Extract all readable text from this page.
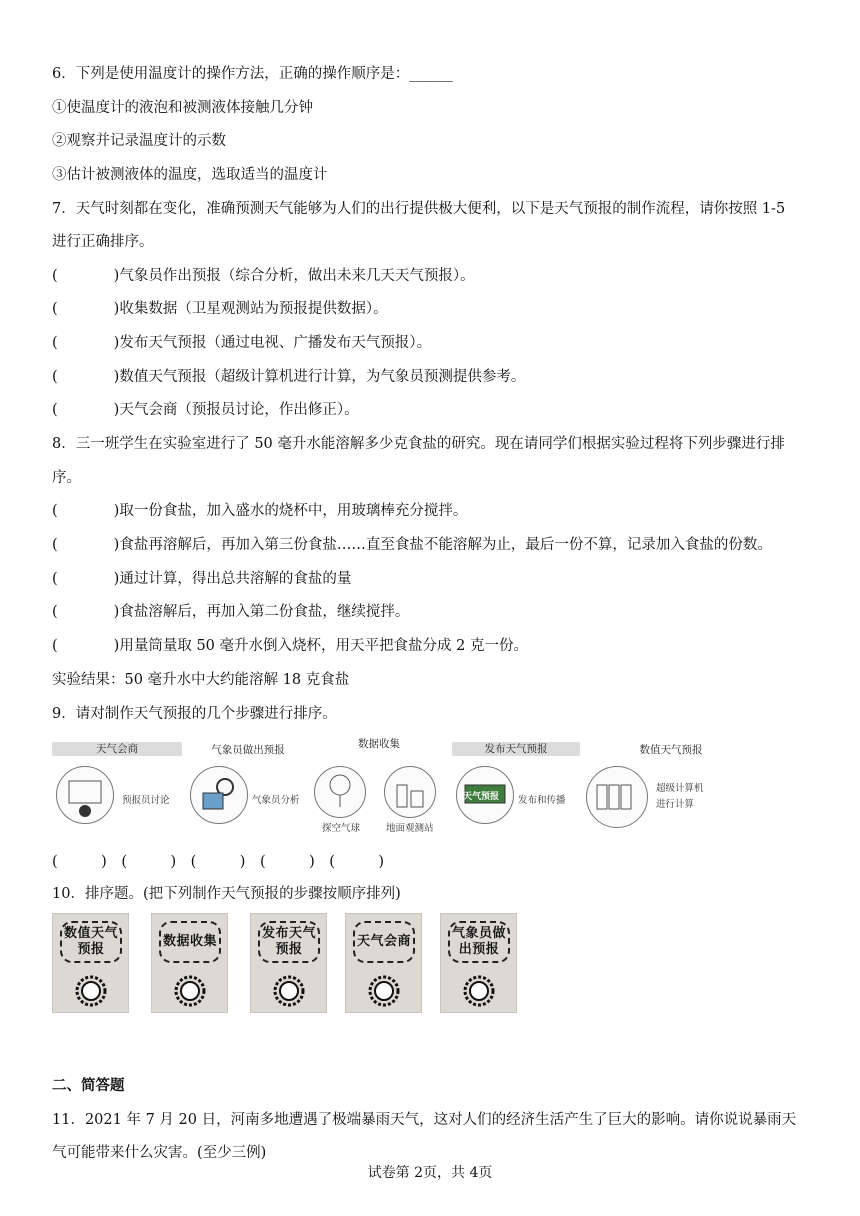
6．下列是使用温度计的操作方法，正确的操作顺序是：______
①使温度计的液泡和被测液体接触几分钟
②观察并记录温度计的示数
③估计被测液体的温度，选取适当的温度计
7．天气时刻都在变化，准确预测天气能够为人们的出行提供极大便利，以下是天气预报的制作流程，请你按照 1-5
进行正确排序。
(	)气象员作出预报（综合分析，做出未来几天天气预报）。
(	)收集数据（卫星观测站为预报提供数据）。
(	)发布天气预报（通过电视、广播发布天气预报）。
(	)数值天气预报（超级计算机进行计算，为气象员预测提供参考。
(	)天气会商（预报员讨论，作出修正）。
8．三一班学生在实验室进行了 50 毫升水能溶解多少克食盐的研究。现在请同学们根据实验过程将下列步骤进行排
序。
(	)取一份食盐，加入盛水的烧杯中，用玻璃棒充分搅拌。
(	)食盐再溶解后，再加入第三份食盐……直至食盐不能溶解为止，最后一份不算，记录加入食盐的份数。
(	)通过计算，得出总共溶解的食盐的量
(	)食盐溶解后，再加入第二份食盐，继续搅拌。
(	)用量筒量取 50 毫升水倒入烧杯，用天平把食盐分成 2 克一份。
实验结果：50 毫升水中大约能溶解 18 克食盐
9．请对制作天气预报的几个步骤进行排序。
天气会商
预报员讨论
气象员做出预报
气象员分析
数据收集
探空气球	地面观测站
发布天气预报
天气预报 发布和传播
数值天气预报
超级计算机
进行计算
(　　　)　(　　　)　(　　　)　(　　　)　(　　　)
10．排序题。(把下列制作天气预报的步骤按顺序排列)
数值天气
预报
数据收集

发布天气
预报
天气会商

气象员做
出预报
二、简答题
11．2021 年 7 月 20 日，河南多地遭遇了极端暴雨天气，这对人们的经济生活产生了巨大的影响。请你说说暴雨天
气可能带来什么灾害。(至少三例)
试卷第 2页，共 4页
